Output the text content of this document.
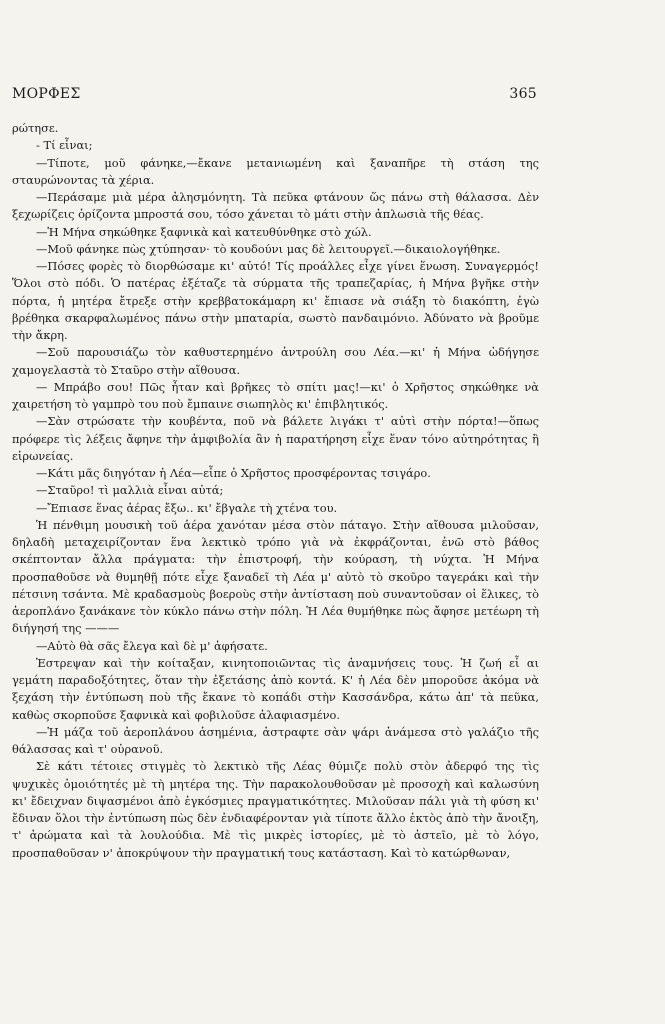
ΜΟΡΦΕΣ	365

ρώτησε.

- Τί εἶναι;

—Τίποτε, μοῦ φάνηκε,—ἔκανε μετανιωμένη καὶ ξαναπῆρε τὴ στάση της σταυρώνοντας τὰ χέρια.

—Περάσαμε μιὰ μέρα ἀλησμόνητη. Τὰ πεῦκα φτάνουν ὥς πάνω στὴ θάλασσα. Δὲν ξεχωρίζεις ὁρίζοντα μπροστά σου, τόσο χάνεται τὸ μάτι στὴν ἀπλωσιὰ τῆς θέας.

—Ἡ Μήνα σηκώθηκε ξαφνικὰ καὶ κατευθύνθηκε στὸ χώλ.

—Μοῦ φάνηκε πὼς χτύπησαν· τὸ κουδούνι μας δὲ λειτουργεῖ.—δικαιολογήθηκε.

—Πόσες φορὲς τὸ διορθώσαμε κι' αὐτό! Τίς προάλλες εἶχε γίνει ἕνωση. Συναγερμός! Ὅλοι στὸ πόδι. Ὁ πατέρας ἐξέταζε τὰ σύρματα τῆς τραπεζαρίας, ἡ Μήνα βγῆκε στὴν πόρτα, ἡ μητέρα ἔτρεξε στὴν κρεββατοκάμαρη κι' ἔπιασε νὰ σιάξη τὸ διακόπτη, ἐγὼ βρέθηκα σκαρφαλωμένος πάνω στὴν μπαταρία, σωστὸ πανδαιμόνιο. Ἀδύνατο νὰ βροῦμε τὴν ἄκρη.

—Σοῦ παρουσιάζω τὸν καθυστερημένο ἀντρούλη σου Λέα.—κι' ἡ Μήνα ὠδήγησε χαμογελαστὰ τὸ Σταῦρο στὴν αἴθουσα.

— Μπράβο σου! Πῶς ἦταν καὶ βρῆκες τὸ σπίτι μας!—κι' ὁ Χρῆστος σηκώθηκε νὰ χαιρετήση τὸ γαμπρὸ του ποὺ ἔμπαινε σιωπηλὸς κι' ἐπιβλητικός.

—Σὰν στρώσατε τὴν κουβέντα, ποῦ νὰ βάλετε λιγάκι τ' αὐτὶ στὴν πόρτα!—ὅπως πρόφερε τὶς λέξεις ἄφηνε τὴν ἀμφιβολία ἂν ἡ παρατήρηση εἶχε ἕναν τόνο αὐτηρότητας ἢ εἰρωνείας.

—Κάτι μᾶς διηγόταν ἡ Λέα—εἶπε ὁ Χρῆστος προσφέροντας τσιγάρο.

—Σταῦρο! τὶ μαλλιὰ εἶναι αὐτά;

—Ἔπιασε ἕνας ἀέρας ἔξω.. κι' ἔβγαλε τὴ χτένα του.

Ἡ πένθιμη μουσικὴ τοῦ ἀέρα χανόταν μέσα στὸν πάταγο. Στὴν αἴθουσα μιλοῦσαν, δηλαδὴ μεταχειρίζονταν ἕνα λεκτικὸ τρόπο γιὰ νὰ ἐκφράζονται, ἐνῶ στὸ βάθος σκέπτονταν ἄλλα πράγματα: τὴν ἐπιστροφή, τὴν κούραση, τὴ νύχτα. Ἡ Μήνα προσπαθοῦσε νὰ θυμηθῇ πότε εἶχε ξαναδεῖ τὴ Λέα μ' αὐτὸ τὸ σκοῦρο ταγεράκι καὶ τὴν πέτσινη τσάντα. Μὲ κραδασμοὺς βοεροὺς στὴν ἀντίσταση ποὺ συναντοῦσαν οἱ ἕλικες, τὸ ἀεροπλάνο ξανάκανε τὸν κύκλο πάνω στὴν πόλη. Ἡ Λέα θυμήθηκε πὼς ἄφησε μετέωρη τὴ διήγησή της ———

—Αὐτὸ θὰ σᾶς ἔλεγα καὶ δὲ μ' ἀφήσατε.

Ἐστρεψαν καὶ τὴν κοίταξαν, κινητοποιῶντας τὶς ἀναμνήσεις τους. Ἡ ζωή εἶ αι γεμάτη παραδοξότητες, ὅταν τὴν ἐξετάσης ἀπὸ κοντά. Κ' ἡ Λέα δὲν μποροῦσε ἀκόμα νὰ ξεχάση τὴν ἐντύπωση ποὺ τῆς ἔκανε τὸ κοπάδι στὴν Κασσάνδρα, κάτω ἀπ' τὰ πεῦκα, καθὼς σκορποῦσε ξαφνικὰ καὶ φοβιλοῦσε ἀλαφιασμένο.

—Ἡ μάζα τοῦ ἀεροπλάνου ἀσημένια, ἀστραφτε σὰν ψάρι ἀνάμεσα στὸ γαλάζιο τῆς θάλασσας καὶ τ' οὐρανοῦ.

Σὲ κάτι τέτοιες στιγμὲς τὸ λεκτικὸ τῆς Λέας θύμιζε πολὺ στὸν ἀδερφό της τὶς ψυχικὲς ὁμοιότητές μὲ τὴ μητέρα της. Τὴν παρακολουθοῦσαν μὲ προσοχὴ καὶ καλωσύνη κι' ἔδειχναν διψασμένοι ἀπὸ ἐγκόσμιες πραγματικότητες. Μιλοῦσαν πάλι γιὰ τὴ φύση κι' ἔδιναν ὅλοι τὴν ἐντύπωση πὼς δὲν ἐνδιαφέρονταν γιὰ τίποτε ἄλλο ἐκτὸς ἀπὸ τὴν ἄνοιξη, τ' ἀρώματα καὶ τὰ λουλούδια. Μὲ τὶς μικρὲς ἱστορίες, μὲ τὸ ἀστεῖο, μὲ τὸ λόγο, προσπαθοῦσαν ν' ἀποκρύψουν τὴν πραγματική τους κατάσταση. Καὶ τὸ κατώρθωναν,
